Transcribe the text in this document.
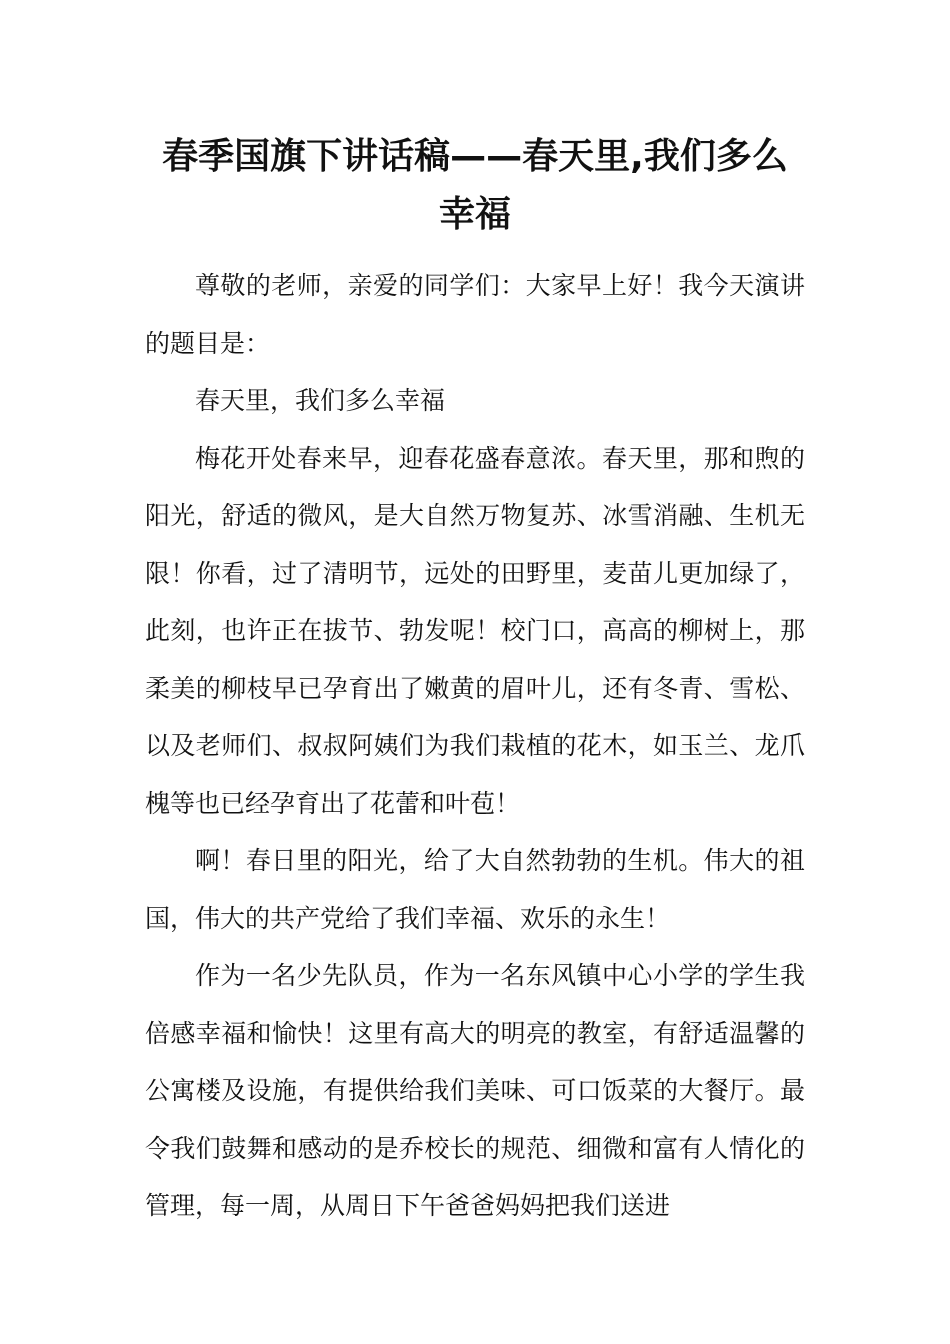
春季国旗下讲话稿——春天里,我们多么幸福

尊敬的老师，亲爱的同学们：大家早上好！我今天演讲的题目是：

春天里，我们多么幸福

梅花开处春来早，迎春花盛春意浓。春天里，那和煦的阳光，舒适的微风，是大自然万物复苏、冰雪消融、生机无限！你看，过了清明节，远处的田野里，麦苗儿更加绿了，此刻，也许正在拔节、勃发呢！校门口，高高的柳树上，那柔美的柳枝早已孕育出了嫩黄的眉叶儿，还有冬青、雪松、以及老师们、叔叔阿姨们为我们栽植的花木，如玉兰、龙爪槐等也已经孕育出了花蕾和叶苞！

啊！春日里的阳光，给了大自然勃勃的生机。伟大的祖国，伟大的共产党给了我们幸福、欢乐的永生！

作为一名少先队员，作为一名东风镇中心小学的学生我倍感幸福和愉快！这里有高大的明亮的教室，有舒适温馨的公寓楼及设施，有提供给我们美味、可口饭菜的大餐厅。最令我们鼓舞和感动的是乔校长的规范、细微和富有人情化的管理，每一周，从周日下午爸爸妈妈把我们送进
